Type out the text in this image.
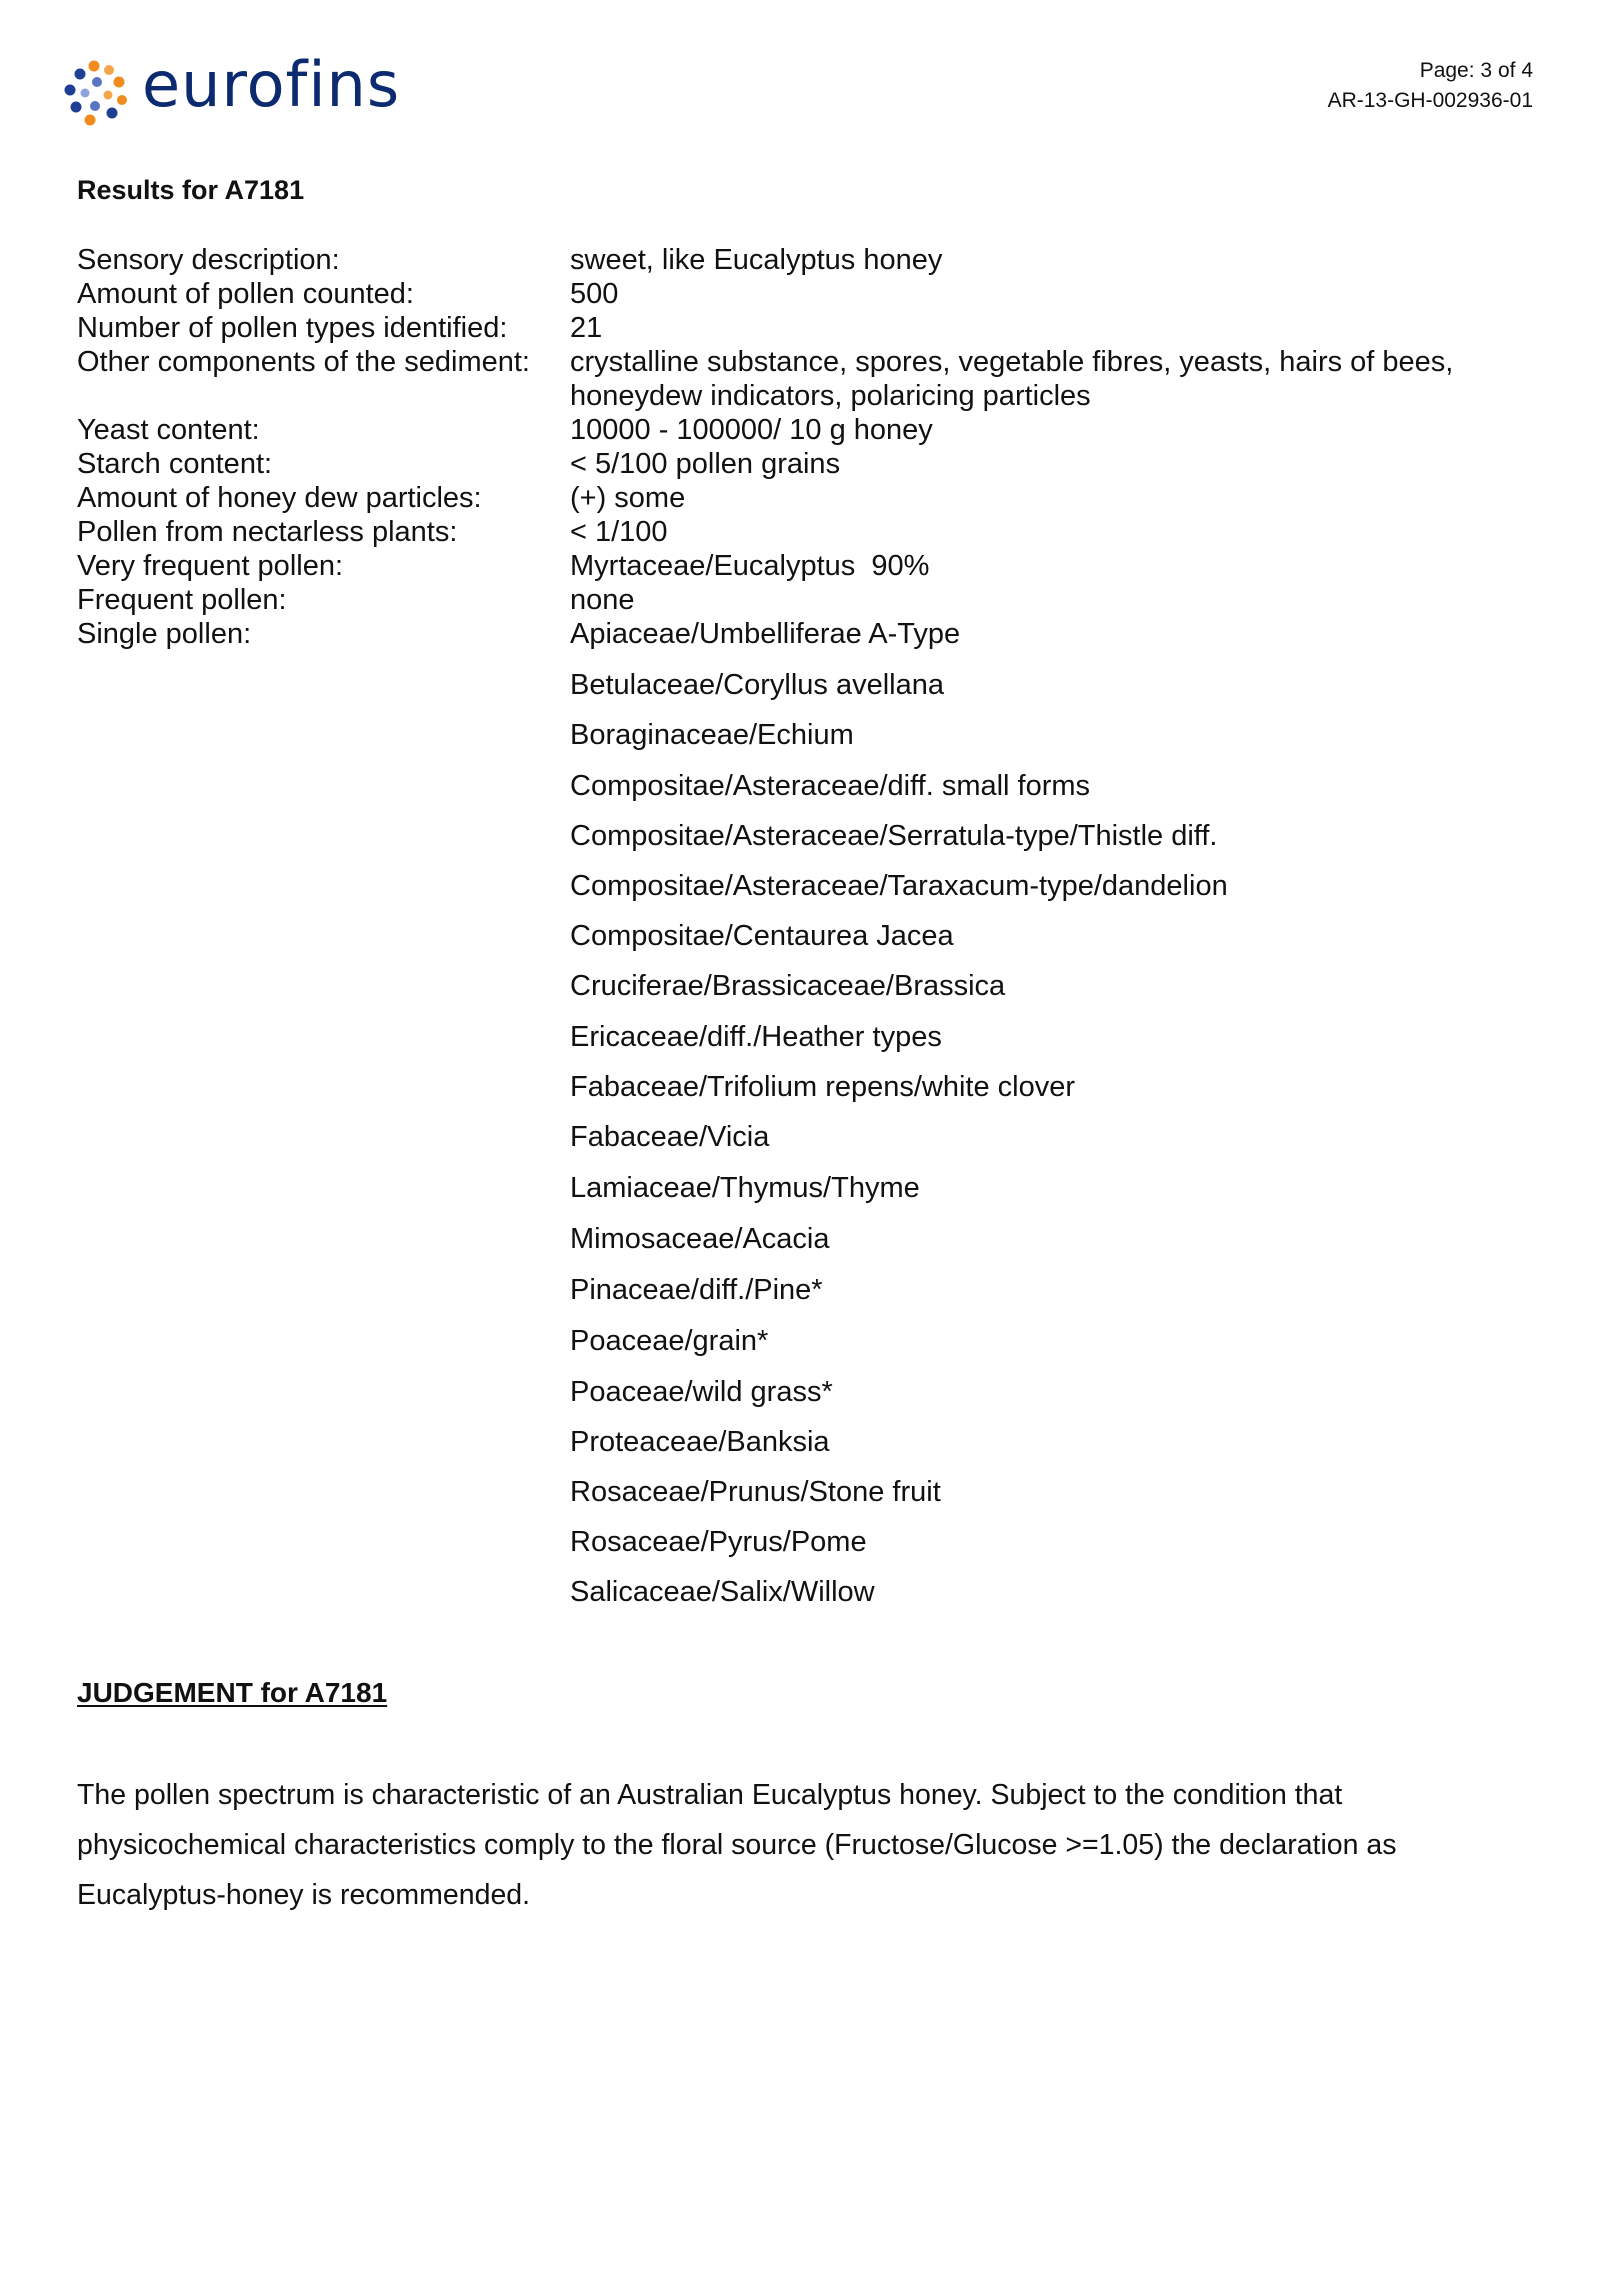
eurofins	Page: 3 of 4
AR-13-GH-002936-01
Results for A7181
Sensory description:	sweet, like Eucalyptus honey
Amount of pollen counted:	500
Number of pollen types identified: 21
Other components of the sediment: crystalline substance, spores, vegetable fibres, yeasts, hairs of bees,
honeydew indicators, polaricing particles
Yeast content:	10000 - 100000/ 10 g honey
Starch content:	< 5/100 pollen grains
Amount of honey dew particles:	(+) some
Pollen from nectarless plants:	< 1/100
Very frequent pollen:	Myrtaceae/Eucalyptus  90%
Frequent pollen:	none
Single pollen:	Apiaceae/Umbelliferae A-Type
Betulaceae/Coryllus avellana
Boraginaceae/Echium
Compositae/Asteraceae/diff. small forms
Compositae/Asteraceae/Serratula-type/Thistle diff.
Compositae/Asteraceae/Taraxacum-type/dandelion
Compositae/Centaurea Jacea
Cruciferae/Brassicaceae/Brassica
Ericaceae/diff./Heather types
Fabaceae/Trifolium repens/white clover
Fabaceae/Vicia
Lamiaceae/Thymus/Thyme
Mimosaceae/Acacia
Pinaceae/diff./Pine*
Poaceae/grain*
Poaceae/wild grass*
Proteaceae/Banksia
Rosaceae/Prunus/Stone fruit
Rosaceae/Pyrus/Pome
Salicaceae/Salix/Willow
JUDGEMENT for A7181
The pollen spectrum is characteristic of an Australian Eucalyptus honey. Subject to the condition that
physicochemical characteristics comply to the floral source (Fructose/Glucose >=1.05) the declaration as
Eucalyptus-honey is recommended.
